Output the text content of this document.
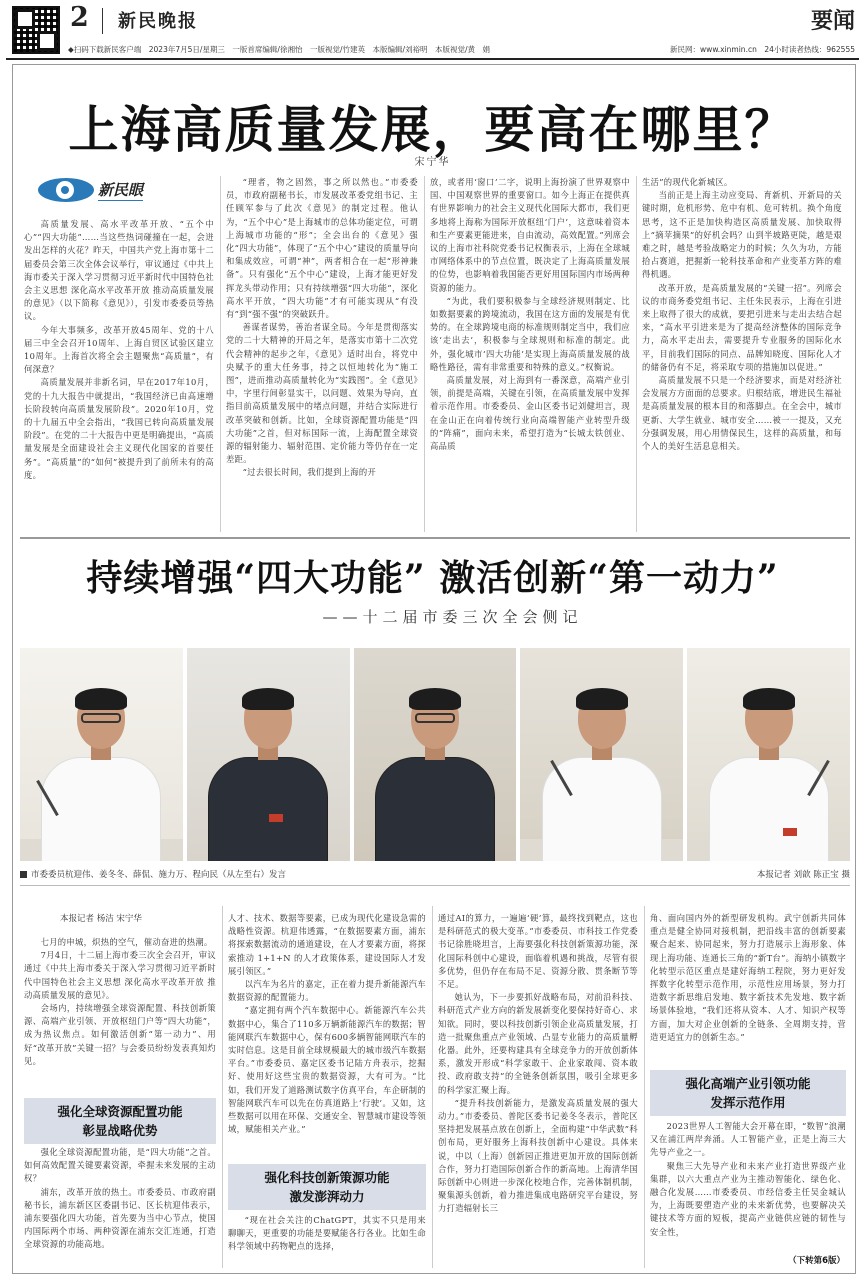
2 新民晚报
◆扫码下载新民客户端　2023年7月5日/星期三　一版首席编辑/徐湘怡　一版视觉/竹建英　本版编辑/刘裕明　本版视觉/黄　娟
要闻
新民网：www.xinmin.cn　24小时读者热线：962555
上海高质量发展，要高在哪里？
宋宁华
新民眼

高质量发展、高水平改革开放、“五个中心”“四大功能”……当这些热词碰撞在一起，会迸发出怎样的火花？昨天，中国共产党上海市第十二届委员会第三次全体会议举行，审议通过《中共上海市委关于深入学习贯彻习近平新时代中国特色社会主义思想 深化高水平改革开放 推动高质量发展的意见》（以下简称《意见》），引发市委委员等热议。

今年大事频多，改革开放45周年、党的十八届三中全会召开10周年、上海自贸区试验区建立10周年。上海首次将全会主题聚焦“高质量”，有何深意？

高质量发展并非新名词，早在2017年10月，党的十九大报告中就提出，“我国经济已由高速增长阶段转向高质量发展阶段”。2020年10月，党的十九届五中全会指出，“我国已转向高质量发展阶段”。在党的二十大报告中更是明确提出，“高质量发展是全面建设社会主义现代化国家的首要任务”。“高质量”的“如何”被提升到了前所未有的高度。

“理者，物之固然，事之所以然也。”市委委员，市政府副秘书长，市发展改革委党组书记、主任顾军参与了此次《意见》的制定过程。他认为，“五个中心”是上海城市的总体功能定位，可谓上海城市功能的“形”；全会出台的《意见》强化“四大功能”，体现了“五个中心”建设的质量导向和集成效应，可谓“神”，两者相合在一起“形神兼备”。只有强化“五个中心”建设，上海才能更好发挥龙头带动作用；只有持续增强“四大功能”，深化高水平开放，“四大功能”才有可能实现从“有没有”到“强不强”的突破跃升。

善谋者谋势，善治者谋全局。今年是贯彻落实党的二十大精神的开局之年，是落实市第十二次党代会精神的起步之年，《意见》适时出台，将党中央赋予的重大任务事，持之以恒地转化为“施工图”，进而推动高质量转化为“实践图”。全《意见》中，字里行间彰显实干，以问题、效果为导向，直指目前高质量发展中的堵点问题，并结合实际进行改革突破和创新。比如，全球资源配置功能是“四大功能”之首，但对标国际一流，上海配置全球资源的辐射能力、辐射范围、定价能力等仍存在一定差距。

“过去很长时间，我们提到上海的开

放，或者用‘窗口’二字，说明上海扮演了世界观察中国、中国观察世界的重要窗口。如今上海正在提供真有世界影响力的社会主义现代化国际大都市，我们更多地将上海称为国际开放枢纽‘门户’，这意味着资本和生产要素更能进来，自由流动，高效配置。”列席会议的上海市社科院党委书记权衡表示，上海在全球城市网络体系中的节点位置，既决定了上海高质量发展的位势，也影响着我国能否更好用国际国内市场两种资源的能力。

“为此，我们要积极参与全球经济规则制定、比如数据要素的跨境流动，我国在这方面的发展是有优势的。在全球跨境电商的标准规则制定当中，我们应该‘走出去’，积极参与全球规则和标准的制定。此外，强化城市‘四大功能’是实现上海高质量发展的战略性路径，需有非常重要和特殊的意义。”权衡说。

高质量发展，对上海到有一番深意，高端产业引领，前提是高端，关键在引领，在高质量发展中发挥着示范作用。市委委员、金山区委书记刘健坦言，现在金山正在向着传统行业向高端智能产业转型升级的“阵痛”，面向未来，希望打造为“长城太铁创业、高品质

生活”的现代化新城区。

当前正是上海主动应变局、育新机、开新局的关键时期，危机形势、危中有机、危可转机。换个角度思考，这不正是加快构造区高质量发展、加快取得上“摘苹摘果”的好机会吗？山到半坡路更陡，越是艰难之时，越是考验战略定力的时候；久久为功，方能拾占赛道，把握新一轮科技革命和产业变革方阵的难得机遇。

改革开放，是高质量发展的“关键一招”。列席会议的市商务委党组书记、主任朱民表示，上海在引进来上取得了很大的成就，要把引进来与走出去结合起来，“高水平引进来是为了提高经济整体的国际竞争力，高水平走出去，需要提升专业服务的国际化水平，目前我们国际的同点、品牌知晓度、国际化人才的储备仍有不足，将采取专项的措施加以促进。”

高质量发展不只是一个经济要求，而是对经济社会发展方方面面的总要求。归根结底，增进民生福祉是高质量发展的根本目的和落脚点。在全会中，城市更新、大学生就业、城市安全……被一一提及，又充分强调发展，用心用情保民生，这样的高质量，和每个人的美好生活息息相关。

持续增强“四大功能” 激活创新“第一动力”
——十二届市委三次全会侧记
市委委员杭迎伟、姜冬冬、薛侃、施力万、程向民（从左至右）发言	本报记者 刘歆 陈正宝 摄
本报记者 杨洁 宋宁华

七月的申城，炽热的空气，催动奋进的热潮。

7月4日，十二届上海市委三次全会召开，审议通过《中共上海市委关于深入学习贯彻习近平新时代中国特色社会主义思想 深化高水平改革开放 推动高质量发展的意见》。

会场内，持续增强全球资源配置、科技创新策源、高端产业引领、开放枢纽门户等“四大功能”，成为热议焦点。如何激活创新“第一动力”、用好“改革开放”关键一招？与会委员纷纷发表真知灼见。

强化全球资源配置功能
彰显战略优势

强化全球资源配置功能，是“四大功能”之首。如何高效配置关键要素资源，牵握未来发展的主动权？

浦东，改革开放的热土。市委委员、市政府副秘书长，浦东新区区委副书记、区长杭迎伟表示，浦东要强化四大功能，首先要为当中心节点，使国内国际两个市场、两种资源在浦东交汇连通，打造全球资源的功能高地。

人才、技术、数据等要素，已成为现代化建设急需的战略性资源。杭迎伟透露，“在数据要素方面，浦东将探索数据流动的通道建设，在人才要素方面，将探索推动 1+1+N 的人才政策体系，建设国际人才发展引领区。”

以汽车为名片的嘉定，正在着力提升新能源汽车数据资源的配置能力。

“嘉定拥有两个汽车数据中心。新能源汽车公共数据中心，集合了110多万辆新能源汽车的数据；智能网联汽车数据中心，保有600多辆智能网联汽车的实时信息。这是目前全球规模最大的城市级汽车数据平台。”市委委员、嘉定区委书记陆方舟表示，挖掘好、使用好这些宝贵的数据资源，大有可为。“比如，我们开发了道路测试数字仿真平台，车企研制的智能网联汽车可以先在仿真道路上‘行驶’。又如，这些数据可以用在环保、交通安全、智慧城市建设等领域，赋能相关产业。”

强化科技创新策源功能
激发澎湃动力

“现在社会关注的ChatGPT，其实不只是用来聊聊天，更重要的功能是要赋能各行各业。比如生命科学领域中药物靶点的选择，

通过AI的算力，一遍遍‘硬’算，最终找到靶点，这也是科研范式的极大变革。”市委委员、市科技工作党委书记徐胜晓坦言，上海要强化科技创新策源功能，深化国际科创中心建设，面临着机遇和挑战，尽管有很多优势，但仍存在布局不足、资源分散、贯条断节等不足。

她认为，下一步要抓好战略布局，对前沿科技、科研范式产业方向的新发展新变化要保持好奇心、求知欲。同时，要以科技创新引领企业高质量发展，打造一批聚焦重点产业领域、凸显专业能力的高质量孵化器。此外，还要构建具有全球竞争力的开放创新体系，激发开形成“科学家敢干、企业家敢闯、资本敢投、政府敢支持”的全链条创新氛围，吸引全球更多的科学家汇聚上海。

“提升科技创新能力，是激发高质量发展的强大动力。”市委委员、普陀区委书记姜冬冬表示，普陀区坚持把发展基点放在创新上，全面构建“中华武数”科创布局，更好服务上海科技创新中心建设。具体来说，中以（上海）创新园正推进更加开放的国际创新合作，努力打造国际创新合作的新高地。上海清华国际创新中心则进一步深化校地合作，完善体制机制，聚集源头创新，着力推进集成电路研究平台建设，努力打造辐射长三

角、面向国内外的新型研发机构。武宁创新共同体重点是健全协同对接机制，把沿线丰富的创新要素聚合起来、协同起来，努力打造展示上海形象、体现上海功能、连通长三角的“新T台”。海纳小镇数字化转型示范区重点是建好海纳工程院，努力更好发挥数字化转型示范作用，示范性应用场景，努力打造数字新思维启发地、数字新技术先发地、数字新场景体验地，“我们还将从资本、人才、知识产权等方面，加大对企业创新的全链条、全周期支持，营造更适宜力的创新生态。”

强化高端产业引领功能
发挥示范作用

2023世界人工智能大会开幕在即，“数智”浪潮又在浦江两岸奔涌。人工智能产业，正是上海三大先导产业之一。

聚焦三大先导产业和未来产业打造世界级产业集群，以六大重点产业为主推动智能化、绿色化、融合化发展……市委委员、市经信委主任吴金城认为，上海既要塑造产业的未来新优势，也要解决关键技术等方面的短板，提高产业链供应链的韧性与安全性，

（下转第6版）
